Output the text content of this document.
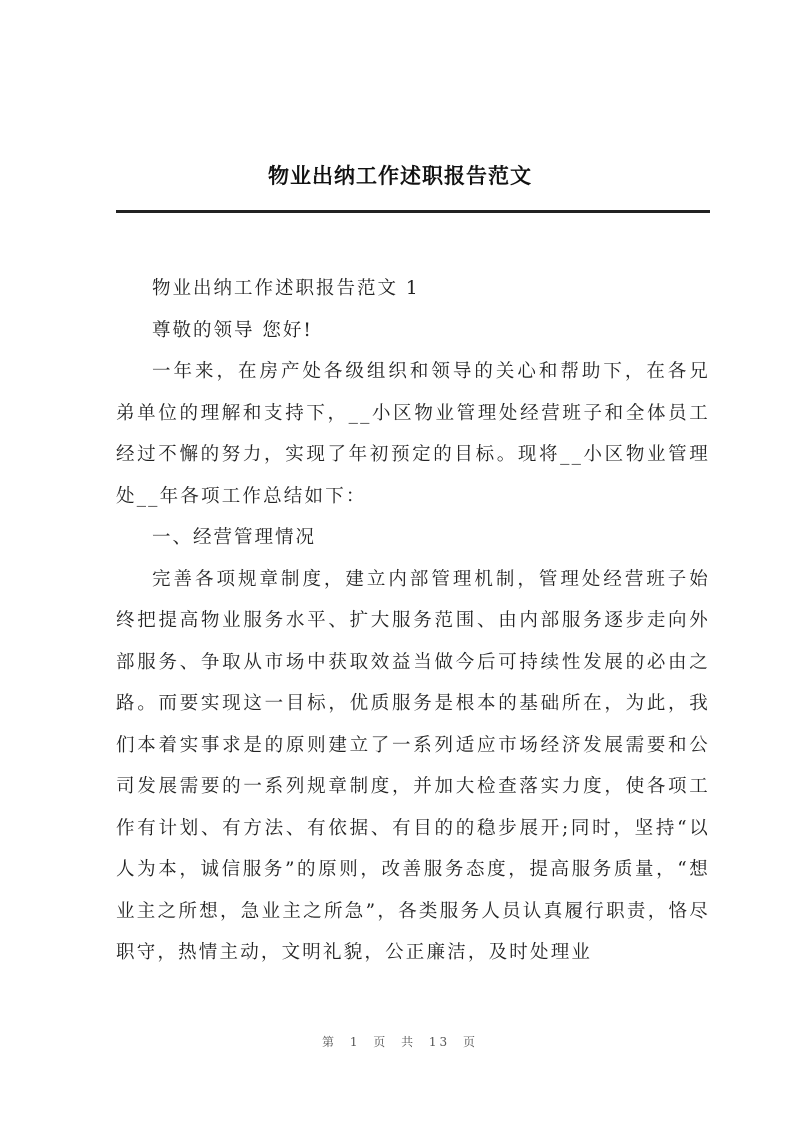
物业出纳工作述职报告范文

物业出纳工作述职报告范文 1

尊敬的领导 您好!

一年来，在房产处各级组织和领导的关心和帮助下，在各兄弟单位的理解和支持下，__小区物业管理处经营班子和全体员工经过不懈的努力，实现了年初预定的目标。现将__小区物业管理处__年各项工作总结如下：

一、经营管理情况

完善各项规章制度，建立内部管理机制，管理处经营班子始终把提高物业服务水平、扩大服务范围、由内部服务逐步走向外部服务、争取从市场中获取效益当做今后可持续性发展的必由之路。而要实现这一目标，优质服务是根本的基础所在，为此，我们本着实事求是的原则建立了一系列适应市场经济发展需要和公司发展需要的一系列规章制度，并加大检查落实力度，使各项工作有计划、有方法、有依据、有目的的稳步展开;同时，坚持“以人为本，诚信服务”的原则，改善服务态度，提高服务质量，“想业主之所想，急业主之所急”，各类服务人员认真履行职责，恪尽职守，热情主动，文明礼貌，公正廉洁，及时处理业

第 1 页 共 13 页
